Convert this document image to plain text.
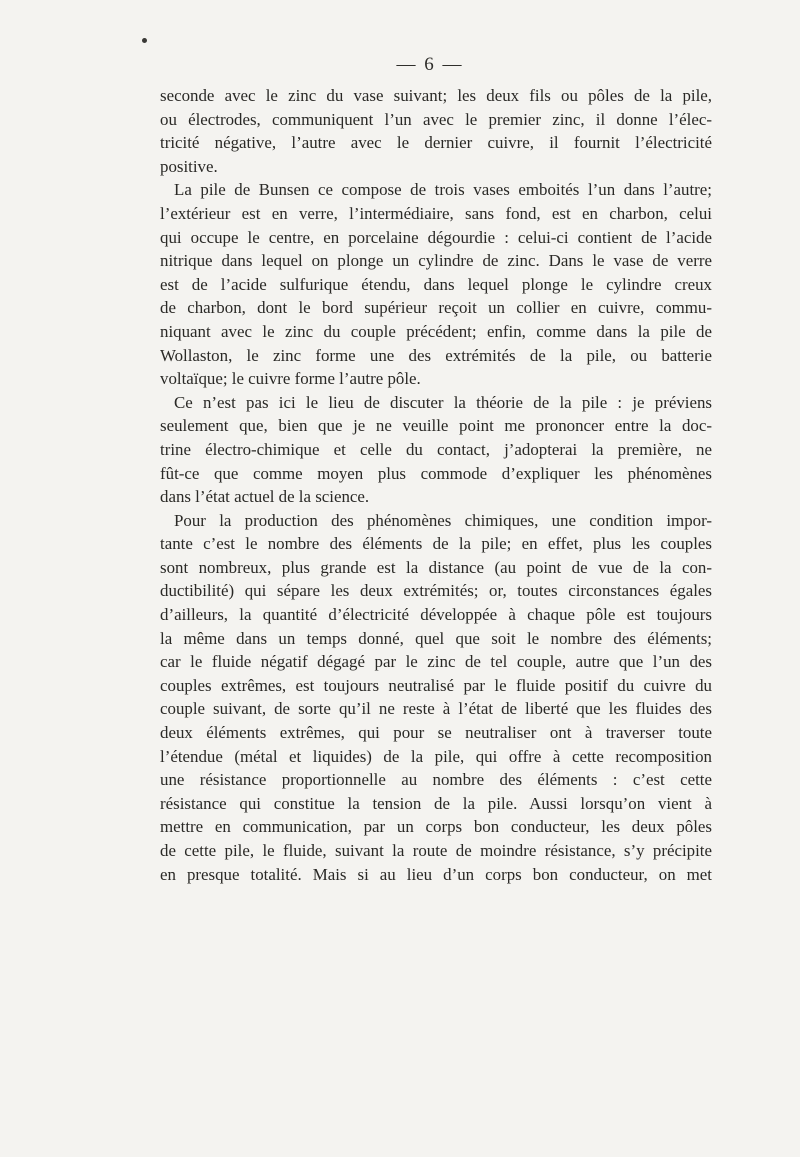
— 6 —

seconde avec le zinc du vase suivant; les deux fils ou pôles de la pile,
ou électrodes, communiquent l’un avec le premier zinc, il donne l’élec-
tricité négative, l’autre avec le dernier cuivre, il fournit l’électricité
positive.

La pile de Bunsen ce compose de trois vases emboités l’un dans l’autre;
l’extérieur est en verre, l’intermédiaire, sans fond, est en charbon, celui
qui occupe le centre, en porcelaine dégourdie : celui-ci contient de l’acide
nitrique dans lequel on plonge un cylindre de zinc. Dans le vase de verre
est de l’acide sulfurique étendu, dans lequel plonge le cylindre creux
de charbon, dont le bord supérieur reçoit un collier en cuivre, commu-
niquant avec le zinc du couple précédent; enfin, comme dans la pile de
Wollaston, le zinc forme une des extrémités de la pile, ou batterie
voltaïque; le cuivre forme l’autre pôle.

Ce n’est pas ici le lieu de discuter la théorie de la pile : je préviens
seulement que, bien que je ne veuille point me prononcer entre la doc-
trine électro-chimique et celle du contact, j’adopterai la première, ne
fût-ce que comme moyen plus commode d’expliquer les phénomènes
dans l’état actuel de la science.

Pour la production des phénomènes chimiques, une condition impor-
tante c’est le nombre des éléments de la pile; en effet, plus les couples
sont nombreux, plus grande est la distance (au point de vue de la con-
ductibilité) qui sépare les deux extrémités; or, toutes circonstances égales
d’ailleurs, la quantité d’électricité développée à chaque pôle est toujours
la même dans un temps donné, quel que soit le nombre des éléments;
car le fluide négatif dégagé par le zinc de tel couple, autre que l’un des
couples extrêmes, est toujours neutralisé par le fluide positif du cuivre du
couple suivant, de sorte qu’il ne reste à l’état de liberté que les fluides des
deux éléments extrêmes, qui pour se neutraliser ont à traverser toute
l’étendue (métal et liquides) de la pile, qui offre à cette recomposition
une résistance proportionnelle au nombre des éléments : c’est cette
résistance qui constitue la tension de la pile. Aussi lorsqu’on vient à
mettre en communication, par un corps bon conducteur, les deux pôles
de cette pile, le fluide, suivant la route de moindre résistance, s’y précipite
en presque totalité. Mais si au lieu d’un corps bon conducteur, on met
